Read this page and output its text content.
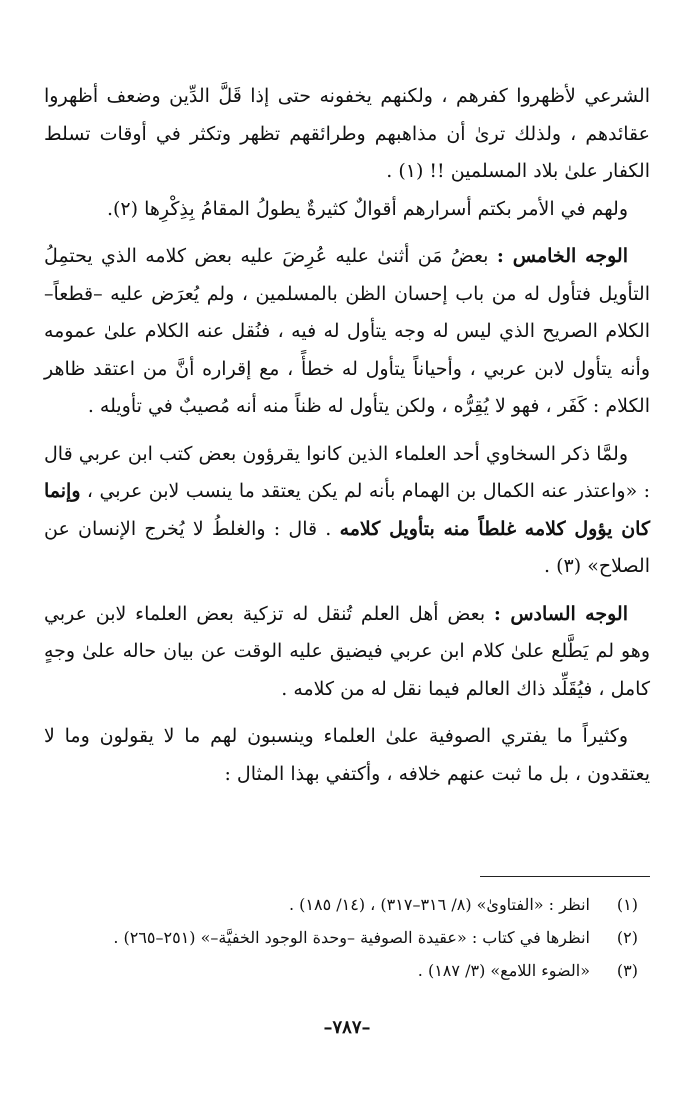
الشرعي لأظهروا كفرهم ، ولكنهم يخفونه حتى إذا قَلَّ الدِّين وضعف أظهروا عقائدهم ، ولذلك ترىٰ أن مذاهبهم وطرائقهم تظهر وتكثر في أوقات تسلط الكفار علىٰ بلاد المسلمين !! (١) .

ولهم في الأمر بكتم أسرارهم أقوالٌ كثيرةٌ يطولُ المقامُ بِذِكْرِها (٢).

الوجه الخامس : بعضُ مَن أثنىٰ عليه عُرِضَ عليه بعض كلامه الذي يحتمِلُ التأويل فتأول له من باب إحسان الظن بالمسلمين ، ولم يُعرَض عليه –قطعاً– الكلام الصريح الذي ليس له وجه يتأول له فيه ، فنُقل عنه الكلام علىٰ عمومه وأنه يتأول لابن عربي ، وأحياناً يتأول له خطأً ، مع إقراره أنَّ من اعتقد ظاهر الكلام : كَفَر ، فهو لا يُقِرُّه ، ولكن يتأول له ظناً منه أنه مُصيبٌ في تأويله .

ولمَّا ذكر السخاوي أحد العلماء الذين كانوا يقرؤون بعض كتب ابن عربي قال : «واعتذر عنه الكمال بن الهمام بأنه لم يكن يعتقد ما ينسب لابن عربي ، وإنما كان يؤول كلامه غلطاً منه بتأويل كلامه . قال : والغلطُ لا يُخرج الإنسان عن الصلاح» (٣) .

الوجه السادس : بعض أهل العلم تُنقل له تزكية بعض العلماء لابن عربي وهو لم يَطَّلع علىٰ كلام ابن عربي فيضيق عليه الوقت عن بيان حاله علىٰ وجهٍ كامل ، فيُقَلِّد ذاك العالم فيما نقل له من كلامه .

وكثيراً ما يفتري الصوفية علىٰ العلماء وينسبون لهم ما لا يقولون وما لا يعتقدون ، بل ما ثبت عنهم خلافه ، وأكتفي بهذا المثال :

(١)
انظر : «الفتاوىٰ» (٨/ ٣١٦–٣١٧) ، (١٤/ ١٨٥) .
(٢)
انظرها في كتاب : «عقيدة الصوفية –وحدة الوجود الخفيَّة–» (٢٥١–٢٦٥) .
(٣)
«الضوء اللامع» (٣/ ١٨٧) .
–٧٨٧–
